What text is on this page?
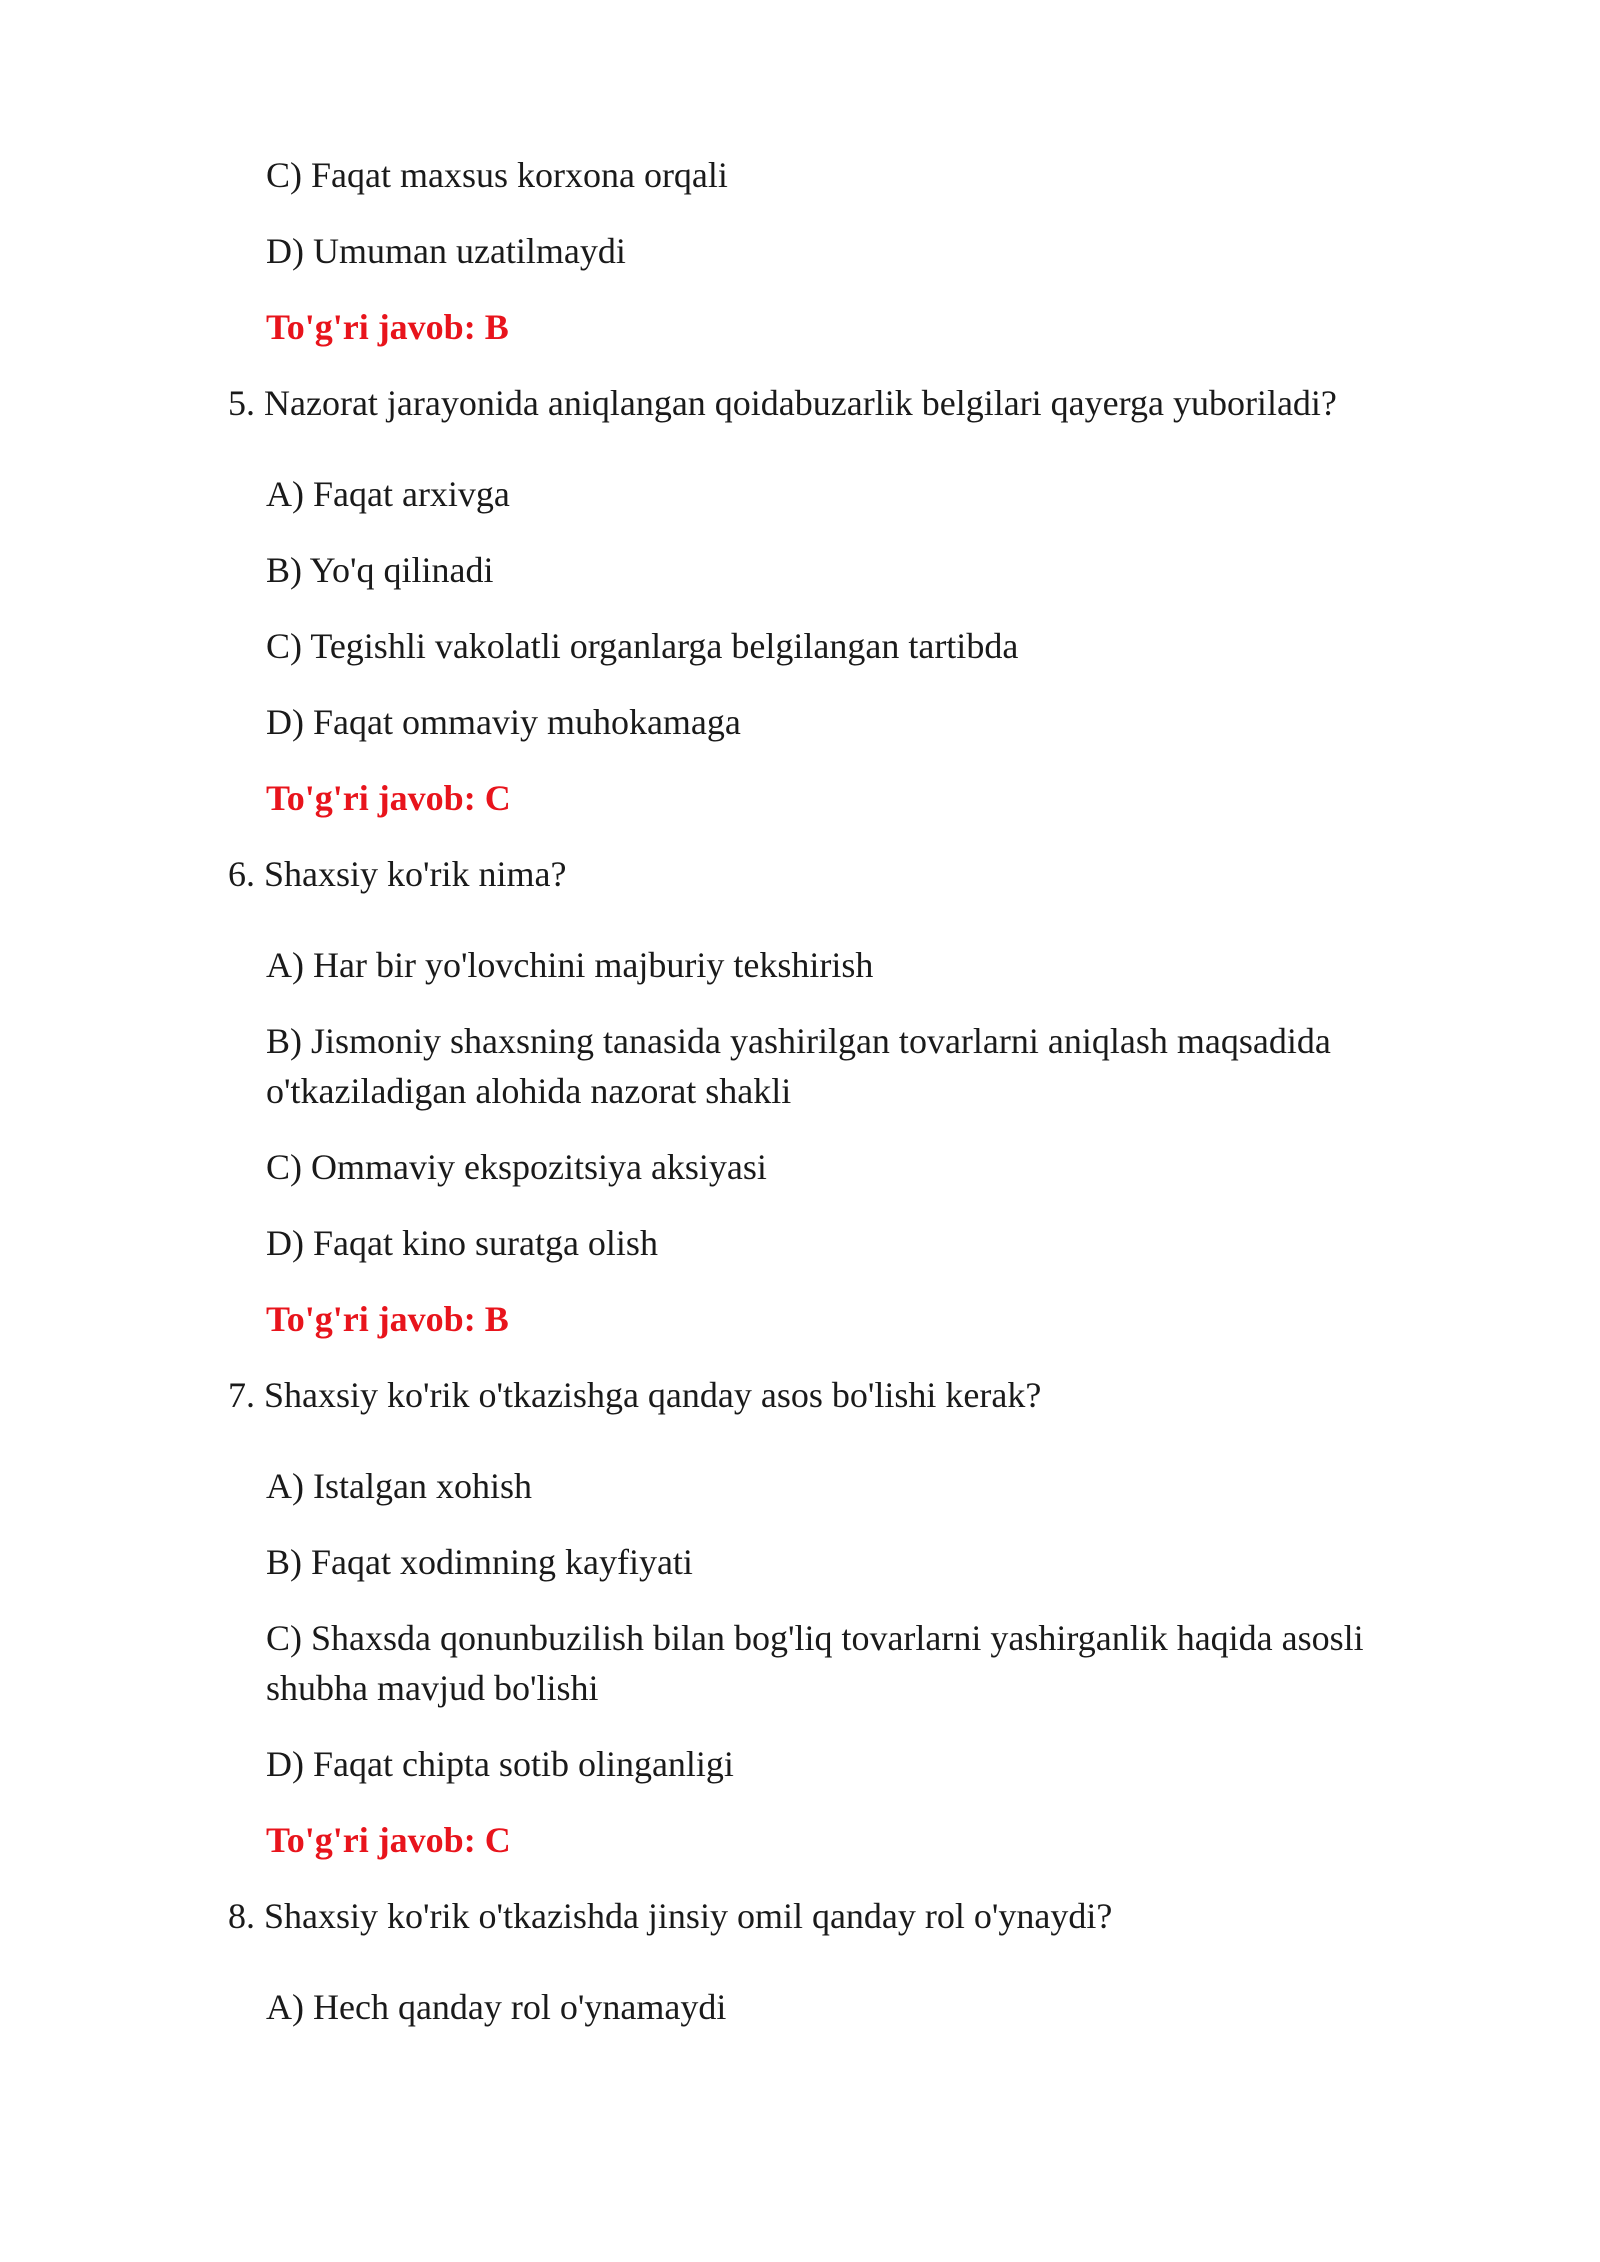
C) Faqat maxsus korxona orqali
D) Umuman uzatilmaydi
To'g'ri javob: B
5. Nazorat jarayonida aniqlangan qoidabuzarlik belgilari qayerga yuboriladi?
A) Faqat arxivga
B) Yo'q qilinadi
C) Tegishli vakolatli organlarga belgilangan tartibda
D) Faqat ommaviy muhokamaga
To'g'ri javob: C
6. Shaxsiy ko'rik nima?
A) Har bir yo'lovchini majburiy tekshirish
B) Jismoniy shaxsning tanasida yashirilgan tovarlarni aniqlash maqsadida o'tkaziladigan alohida nazorat shakli
C) Ommaviy ekspozitsiya aksiyasi
D) Faqat kino suratga olish
To'g'ri javob: B
7. Shaxsiy ko'rik o'tkazishga qanday asos bo'lishi kerak?
A) Istalgan xohish
B) Faqat xodimning kayfiyati
C) Shaxsda qonunbuzilish bilan bog'liq tovarlarni yashirganlik haqida asosli shubha mavjud bo'lishi
D) Faqat chipta sotib olinganligi
To'g'ri javob: C
8. Shaxsiy ko'rik o'tkazishda jinsiy omil qanday rol o'ynaydi?
A) Hech qanday rol o'ynamaydi
